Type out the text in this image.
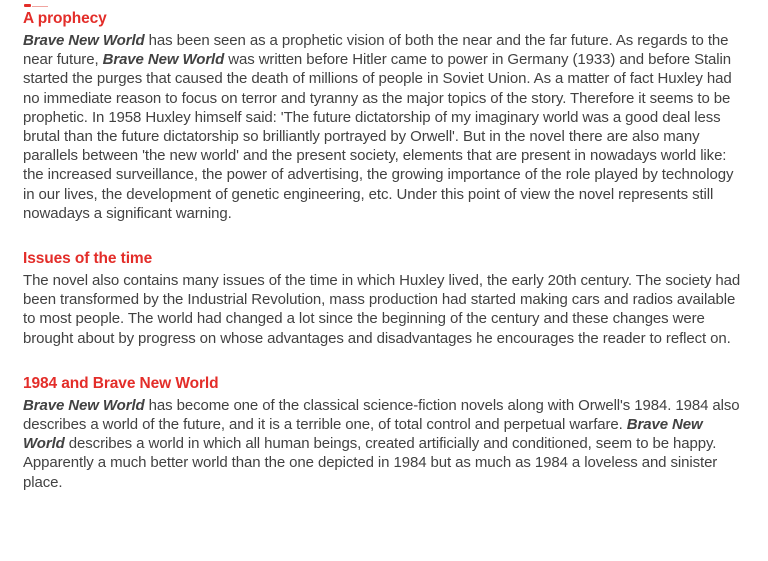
A prophecy

Brave New World has been seen as a prophetic vision of both the near and the far future. As regards to the near future, Brave New World was written before Hitler came to power in Germany (1933) and before Stalin started the purges that caused the death of millions of people in Soviet Union. As a matter of fact Huxley had no immediate reason to focus on terror and tyranny as the major topics of the story. Therefore it seems to be prophetic. In 1958 Huxley himself said: 'The future dictatorship of my imaginary world was a good deal less brutal than the future dictatorship so brilliantly portrayed by Orwell'. But in the novel there are also many parallels between 'the new world' and the present society, elements that are present in nowadays world like: the increased surveillance, the power of advertising, the growing importance of the role played by technology in our lives, the development of genetic engineering, etc. Under this point of view the novel represents still nowadays a significant warning.

Issues of the time

The novel also contains many issues of the time in which Huxley lived, the early 20th century. The society had been transformed by the Industrial Revolution, mass production had started making cars and radios available to most people. The world had changed a lot since the beginning of the century and these changes were brought about by progress on whose advantages and disadvantages he encourages the reader to reflect on.

1984 and Brave New World

Brave New World has become one of the classical science-fiction novels along with Orwell's 1984. 1984 also describes a world of the future, and it is a terrible one, of total control and perpetual warfare. Brave New World describes a world in which all human beings, created artificially and conditioned, seem to be happy. Apparently a much better world than the one depicted in 1984 but as much as 1984 a loveless and sinister place.
